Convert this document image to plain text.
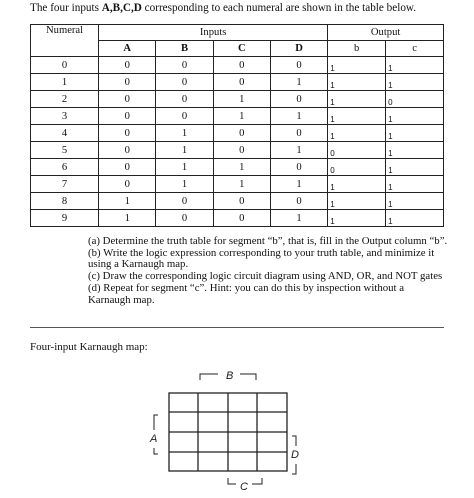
The four inputs A,B,C,D corresponding to each numeral are shown in the table below.
Numeral	Inputs				Output	
	A	B	C	D	b	c
0	0	0	0	0	1	1
1	0	0	0	1	1	1
2	0	0	1	0	1	0
3	0	0	1	1	1	1
4	0	1	0	0	1	1
5	0	1	0	1	0	1
6	0	1	1	0	0	1
7	0	1	1	1	1	1
8	1	0	0	0	1	1
9	1	0	0	1	1	1
(a) Determine the truth table for segment “b”, that is, fill in the Output column “b”.
(b) Write the logic expression corresponding to your truth table, and minimize it using a Karnaugh map.
(c) Draw the corresponding logic circuit diagram using AND, OR, and NOT gates
(d) Repeat for segment “c”. Hint: you can do this by inspection without a Karnaugh map.
Four-input Karnaugh map:
B
A
D
C
